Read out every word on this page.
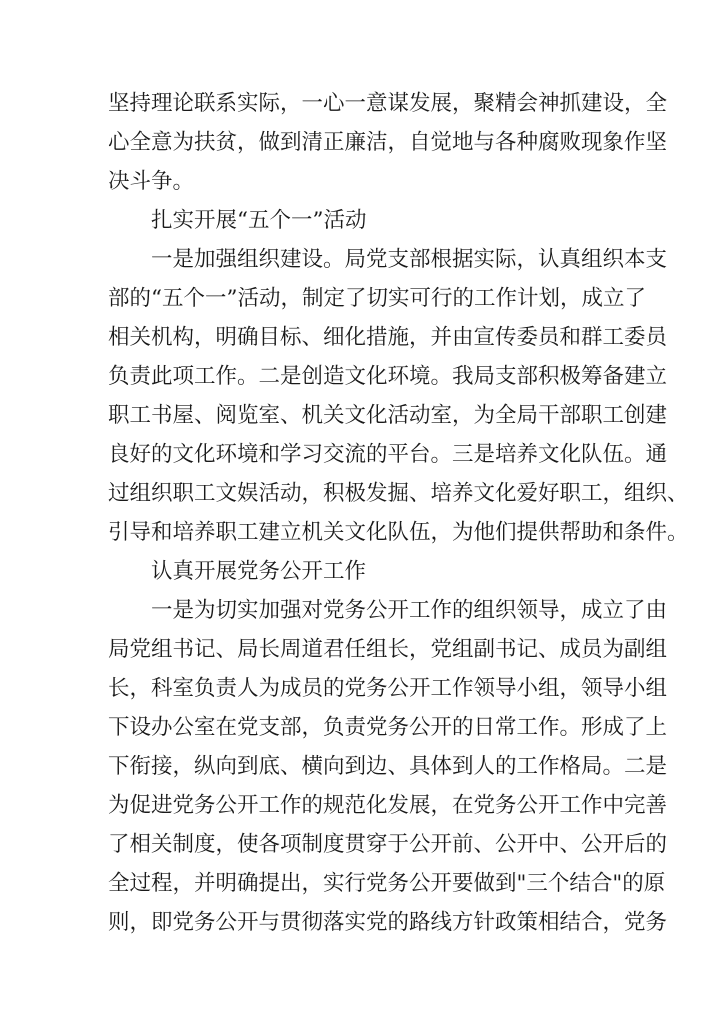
坚持理论联系实际，一心一意谋发展，聚精会神抓建设，全
心全意为扶贫，做到清正廉洁，自觉地与各种腐败现象作坚
决斗争。
扎实开展“五个一”活动
一是加强组织建设。局党支部根据实际，认真组织本支
部的“五个一”活动，制定了切实可行的工作计划，成立了
相关机构，明确目标、细化措施，并由宣传委员和群工委员
负责此项工作。二是创造文化环境。我局支部积极筹备建立
职工书屋、阅览室、机关文化活动室，为全局干部职工创建
良好的文化环境和学习交流的平台。三是培养文化队伍。通
过组织职工文娱活动，积极发掘、培养文化爱好职工，组织、
引导和培养职工建立机关文化队伍，为他们提供帮助和条件。
认真开展党务公开工作
一是为切实加强对党务公开工作的组织领导，成立了由
局党组书记、局长周道君任组长，党组副书记、成员为副组
长，科室负责人为成员的党务公开工作领导小组，领导小组
下设办公室在党支部，负责党务公开的日常工作。形成了上
下衔接，纵向到底、横向到边、具体到人的工作格局。二是
为促进党务公开工作的规范化发展，在党务公开工作中完善
了相关制度，使各项制度贯穿于公开前、公开中、公开后的
全过程，并明确提出，实行党务公开要做到"三个结合"的原
则，即党务公开与贯彻落实党的路线方针政策相结合，党务
